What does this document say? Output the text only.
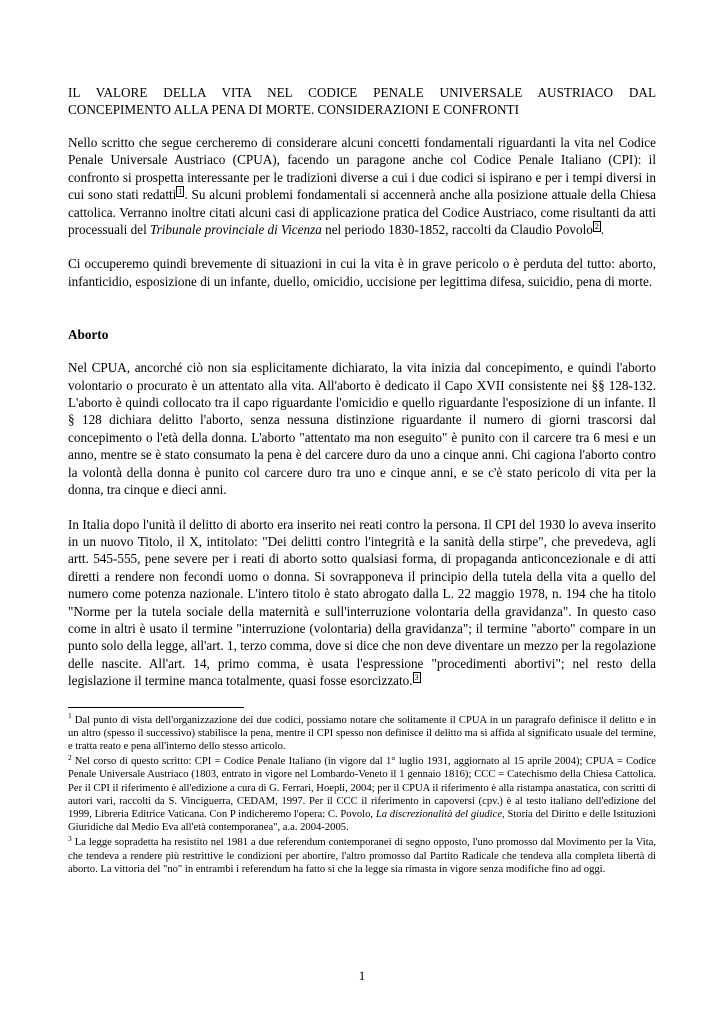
IL VALORE DELLA VITA NEL CODICE PENALE UNIVERSALE AUSTRIACO DAL
CONCEPIMENTO ALLA PENA DI MORTE. CONSIDERAZIONI E CONFRONTI

Nello scritto che segue cercheremo di considerare alcuni concetti fondamentali riguardanti la vita nel Codice Penale Universale Austriaco (CPUA), facendo un paragone anche col Codice Penale Italiano (CPI): il confronto si prospetta interessante per le tradizioni diverse a cui i due codici si ispirano e per i tempi diversi in cui sono stati redatti $^1$ . Su alcuni problemi fondamentali si accennerà anche alla posizione attuale della Chiesa cattolica. Verranno inoltre citati alcuni casi di applicazione pratica del Codice Austriaco, come risultanti da atti processuali del Tribunale provinciale di Vicenza nel periodo 1830-1852, raccolti da Claudio Povolo $^2$ .

Ci occuperemo quindi brevemente di situazioni in cui la vita è in grave pericolo o è perduta del tutto: aborto, infanticidio, esposizione di un infante, duello, omicidio, uccisione per legittima difesa, suicidio, pena di morte.

Aborto

Nel CPUA, ancorché ciò non sia esplicitamente dichiarato, la vita inizia dal concepimento, e quindi l'aborto volontario o procurato è un attentato alla vita. All'aborto è dedicato il Capo XVII consistente nei §§ 128-132. L'aborto è quindi collocato tra il capo riguardante l'omicidio e quello riguardante l'esposizione di un infante. Il § 128 dichiara delitto l'aborto, senza nessuna distinzione riguardante il numero di giorni trascorsi dal concepimento o l'età della donna. L'aborto "attentato ma non eseguito" è punito con il carcere tra 6 mesi e un anno, mentre se è stato consumato la pena è del carcere duro da uno a cinque anni. Chi cagiona l'aborto contro la volontà della donna è punito col carcere duro tra uno e cinque anni, e se c'è stato pericolo di vita per la donna, tra cinque e dieci anni.

In Italia dopo l'unità il delitto di aborto era inserito nei reati contro la persona. Il CPI del 1930 lo aveva inserito in un nuovo Titolo, il X, intitolato: "Dei delitti contro l'integrità e la sanità della stirpe", che prevedeva, agli artt. 545-555, pene severe per i reati di aborto sotto qualsiasi forma, di propaganda anticoncezionale e di atti diretti a rendere non fecondi uomo o donna. Si sovrapponeva il principio della tutela della vita a quello del numero come potenza nazionale. L'intero titolo è stato abrogato dalla L. 22 maggio 1978, n. 194 che ha titolo "Norme per la tutela sociale della maternità e sull'interruzione volontaria della gravidanza". In questo caso come in altri è usato il termine "interruzione (volontaria) della gravidanza"; il termine "aborto" compare in un punto solo della legge, all'art. 1, terzo comma, dove si dice che non deve diventare un mezzo per la regolazione delle nascite. All'art. 14, primo comma, è usata l'espressione "procedimenti abortivi"; nel resto della legislazione il termine manca totalmente, quasi fosse esorcizzato. $^3$

$^1$ Dal punto di vista dell'organizzazione dei due codici, possiamo notare che solitamente il CPUA in un paragrafo definisce il delitto e in un altro (spesso il successivo) stabilisce la pena, mentre il CPI spesso non definisce il delitto ma si affida al significato usuale del termine, e tratta reato e pena all'interno dello stesso articolo.

$^2$ Nel corso di questo scritto: CPI = Codice Penale Italiano (in vigore dal 1° luglio 1931, aggiornato al 15 aprile 2004); CPUA = Codice Penale Universale Austriaco (1803, entrato in vigore nel Lombardo-Veneto il 1 gennaio 1816); CCC = Catechismo della Chiesa Cattolica. Per il CPI il riferimento è all'edizione a cura di G. Ferrari, Hoepli, 2004; per il CPUA il riferimento è alla ristampa anastatica, con scritti di autori vari, raccolti da S. Vinciguerra, CEDAM, 1997. Per il CCC il riferimento in capoversi (cpv.) è al testo italiano dell'edizione del 1999, Libreria Editrice Vaticana. Con P indicheremo l'opera: C. Povolo, La discrezionalità del giudice, Storia del Diritto e delle Istituzioni Giuridiche dal Medio Eva all'età contemporanea", a.a. 2004-2005.

$^3$ La legge sopradetta ha resistito nel 1981 a due referendum contemporanei di segno opposto, l'uno promosso dal Movimento per la Vita, che tendeva a rendere più restrittive le condizioni per abortire, l'altro promosso dal Partito Radicale che tendeva alla completa libertà di aborto. La vittoria del "no" in entrambi i referendum ha fatto sì che la legge sia rimasta in vigore senza modifiche fino ad oggi.

1
